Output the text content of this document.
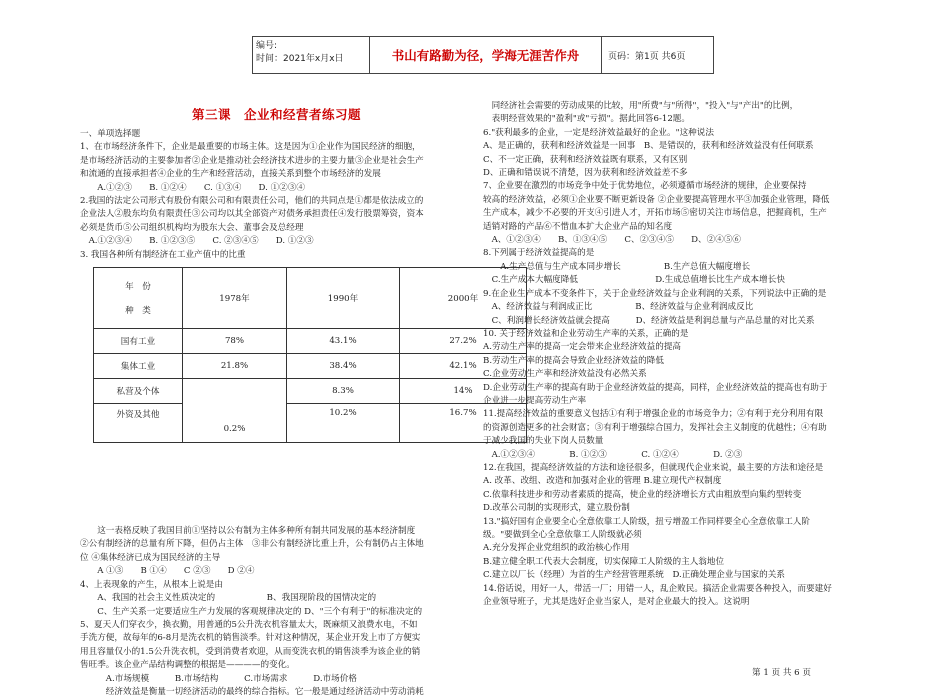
编号:
时间：2021年x月x日	书山有路勤为径，学海无涯苦作舟	页码：第1页 共6页
第三课　企业和经营者练习题

一、单项选择题

1、在市场经济条件下，企业是最重要的市场主体。这是因为①企业作为国民经济的细胞，

是市场经济活动的主要参加者②企业是推动社会经济技术进步的主要力量③企业是社会生产

和流通的直接承担者④企业的生产和经营活动，直接关系到整个市场经济的发展

　　A.①②③　　B. ①②④　　C. ①③④　　D. ①②③④

2.我国的法定公司形式有股份有限公司和有限责任公司，他们的共同点是①都是依法成立的

企业法人②股东均负有限责任③公司均以其全部资产对债务承担责任④发行股票筹资，资本

必须是货币⑤公司组织机构均为股东大会、董事会及总经理

　A.①②③④　　B. ①②③⑤　　C. ②③④⑤　　D. ①②③

3. 我国各种所有制经济在工业产值中的比重

　　这一表格反映了我国目前①坚持以公有制为主体多种所有制共同发展的基本经济制度

②公有制经济的总量有所下降，但仍占主体　③非公有制经济比重上升，公有制仍占主体地

位 ④集体经济已成为国民经济的主导

　　A ①③　　B ①④　　C ②③　　D ②④

4、上表现象的产生，从根本上说是由

　　A、我国的社会主义性质决定的　　　　　　B、我国现阶段的国情决定的

　　C、生产关系一定要适应生产力发展的客观规律决定的 D、"三个有利于"的标准决定的

5、夏天人们穿衣少，换衣勤，用普通的5公升洗衣机容量太大，既麻烦又浪费水电，不如

手洗方便，故每年的6-8月是洗衣机的销售淡季。针对这种情况，某企业开发上市了方便实

用且容量仅小的1.5公升洗衣机，受到消费者欢迎，从而变洗衣机的销售淡季为该企业的销

售旺季。该企业产品结构调整的根据是————的变化。

　　　A.市场规模　　　B.市场结构　　　C.市场需求　　　D.市场价格

　　　经济效益是衡量一切经济活动的最终的综合指标。它一般是通过经济活动中劳动消耗

年　份
种　类	1978年	1990年	2000年
国有工业	78%	43.1%	27.2%
集体工业	21.8%	38.4%	42.1%
私营及个体	0.2%	8.3%	14%
外资及其他		10.2%	16.7%

　同经济社会需要的劳动成果的比较，用"所费"与"所得"，"投入"与"产出"的比例，

　表明经营效果的"盈利"或"亏损"。据此回答6-12题。

6."获利最多的企业，一定是经济效益最好的企业。"这种说法

A、是正确的，获利和经济效益是一回事　B、是错误的，获利和经济效益没有任何联系

C、不一定正确，获利和经济效益既有联系，又有区别

D、正确和错误说不清楚，因为获利和经济效益差不多

7、企业要在激烈的市场竞争中处于优势地位，必须遵循市场经济的规律，企业要保持

较高的经济效益，必须①企业要不断更新设备 ②企业要提高管理水平③加强企业管理，降低

生产成本，减少不必要的开支④引进人才，开拓市场⑤密切关注市场信息，把握商机，生产

适销对路的产品⑥不惜血本扩大企业产品的知名度

　A、①②③④　　B、①③④⑤　　C、②③④⑤　　D、②④⑤⑥

8.下列属于经济效益提高的是

　　A.生产总值与生产成本同步增长　　　　　B.生产总值大幅度增长

　C.生产成本大幅度降低　　　　　　　　　D.生成总值增长比生产成本增长快

9.在企业生产成本不变条件下，关于企业经济效益与企业利润的关系，下列说法中正确的是

　A、经济效益与利润成正比　　　　　B、经济效益与企业利润成反比

　C、利润增长经济效益就会提高　　　D、经济效益是利润总量与产品总量的对比关系

10. 关于经济效益和企业劳动生产率的关系，正确的是

A.劳动生产率的提高一定会带来企业经济效益的提高

B.劳动生产率的提高会导致企业经济效益的降低

C.企业劳动生产率和经济效益没有必然关系

D.企业劳动生产率的提高有助于企业经济效益的提高，同样，企业经济效益的提高也有助于

企业进一步提高劳动生产率

11.提高经济效益的重要意义包括①有利于增强企业的市场竞争力；②有利于充分利用有限

的资源创造更多的社会财富；③有利于增强综合国力，发挥社会主义制度的优越性；④有助

于减少我国的失业下岗人员数量

　A.①②③④　　　　B. ①②③　　　　C. ①②④　　　　D. ②③

12.在我国，提高经济效益的方法和途径很多，但就现代企业来说，最主要的方法和途径是

A. 改革、改组、改造和加强对企业的管理 B.建立现代产权制度

C.依靠科技进步和劳动者素质的提高，使企业的经济增长方式由粗放型向集约型转变

D.改革公司制的实现形式，建立股份制

13."搞好国有企业要全心全意依靠工人阶级，扭亏增盈工作同样要全心全意依靠工人阶

级。"要做到全心全意依靠工人阶级就必须

A.充分发挥企业党组织的政治核心作用

B.建立健全职工代表大会制度，切实保障工人阶级的主人翁地位

C.建立以厂长（经理）为首的生产经营管理系统　D.正确处理企业与国家的关系

14.俗话说，用好一人，带活一厂；用错一人，乱企败民。搞活企业需要各种投入，而要建好

企业领导班子，尤其是选好企业当家人，是对企业最大的投入。这说明

第 1 页 共 6 页
